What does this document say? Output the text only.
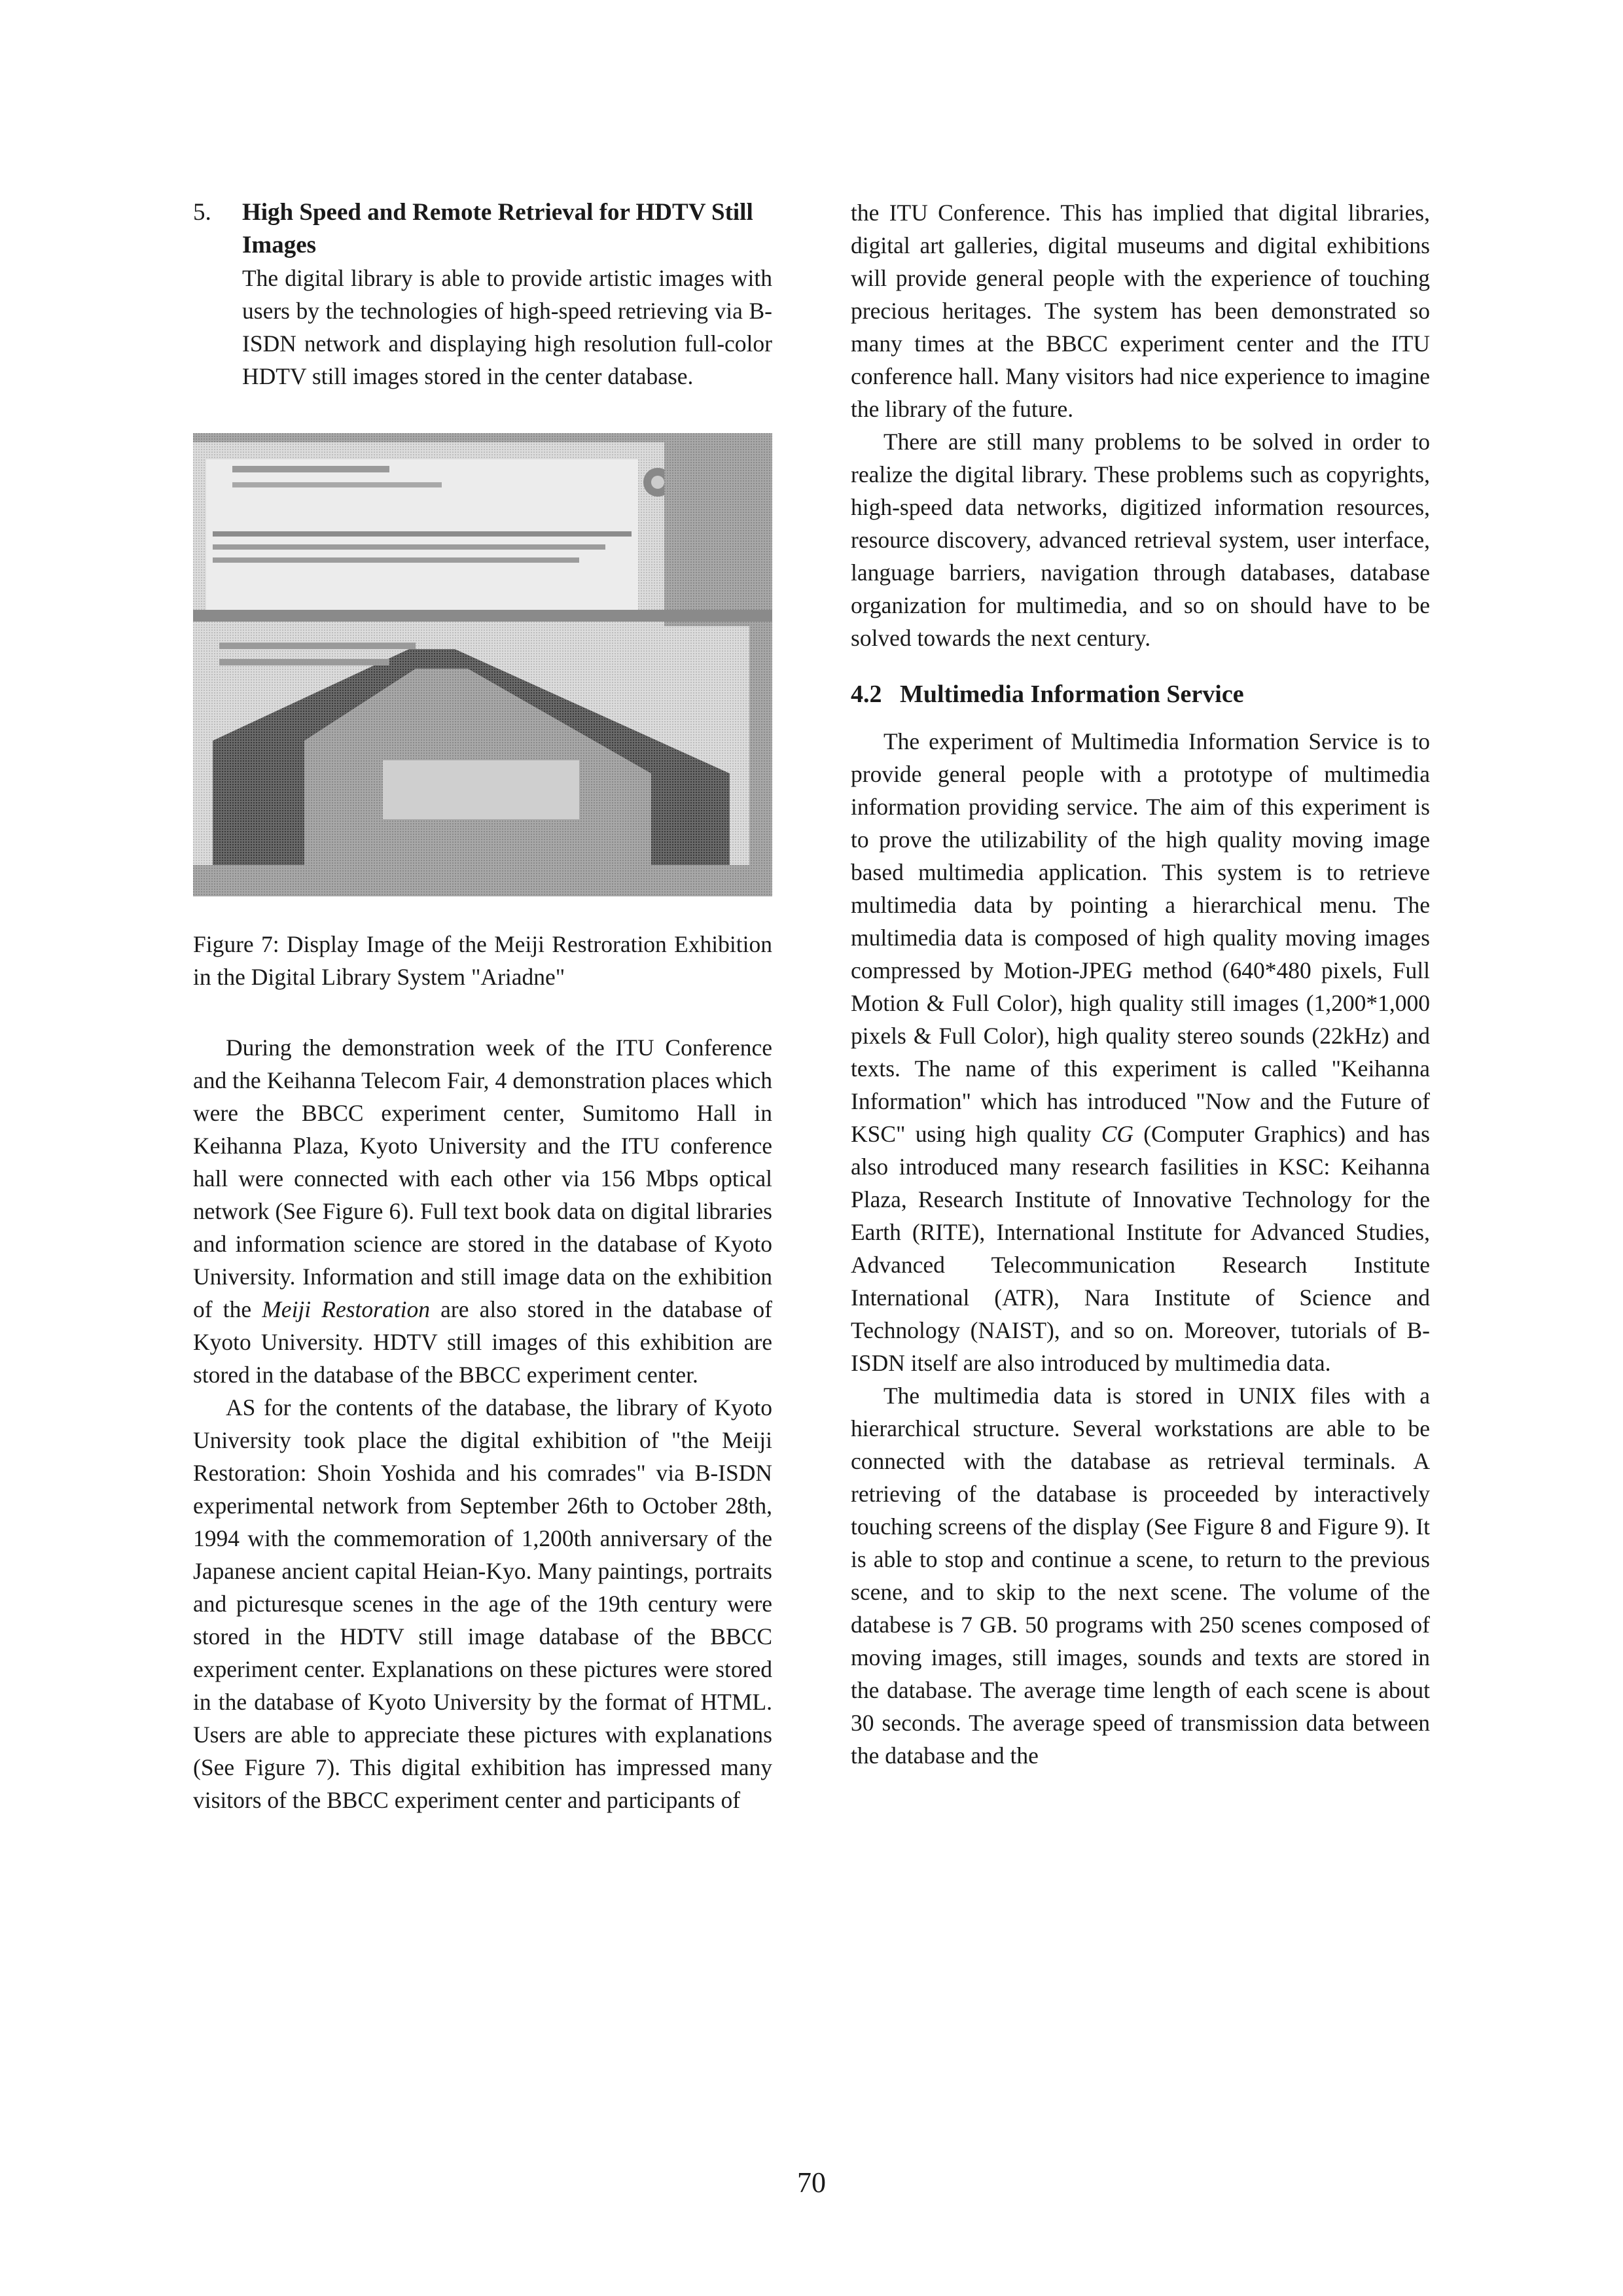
5.	High Speed and Remote Retrieval for HDTV Still Images

The digital library is able to provide artistic images with users by the technologies of high-speed retrieving via B-ISDN network and displaying high resolution full-color HDTV still images stored in the center database.

Figure 7: Display Image of the Meiji Restroration Exhibition in the Digital Library System "Ariadne"

During the demonstration week of the ITU Conference and the Keihanna Telecom Fair, 4 demonstration places which were the BBCC experiment center, Sumitomo Hall in Keihanna Plaza, Kyoto University and the ITU conference hall were connected with each other via 156 Mbps optical network (See Figure 6). Full text book data on digital libraries and information science are stored in the database of Kyoto University. Information and still image data on the exhibition of the Meiji Restoration are also stored in the database of Kyoto University. HDTV still images of this exhibition are stored in the database of the BBCC experiment center.

AS for the contents of the database, the library of Kyoto University took place the digital exhibition of "the Meiji Restoration: Shoin Yoshida and his comrades" via B-ISDN experimental network from September 26th to October 28th, 1994 with the commemoration of 1,200th anniversary of the Japanese ancient capital Heian-Kyo. Many paintings, portraits and picturesque scenes in the age of the 19th century were stored in the HDTV still image database of the BBCC experiment center. Explanations on these pictures were stored in the database of Kyoto University by the format of HTML. Users are able to appreciate these pictures with explanations (See Figure 7). This digital exhibition has impressed many visitors of the BBCC experiment center and participants of

the ITU Conference. This has implied that digital libraries, digital art galleries, digital museums and digital exhibitions will provide general people with the experience of touching precious heritages. The system has been demonstrated so many times at the BBCC experiment center and the ITU conference hall. Many visitors had nice experience to imagine the library of the future.

There are still many problems to be solved in order to realize the digital library. These problems such as copyrights, high-speed data networks, digitized information resources, resource discovery, advanced retrieval system, user interface, language barriers, navigation through databases, database organization for multimedia, and so on should have to be solved towards the next century.

4.2 Multimedia Information Service

The experiment of Multimedia Information Service is to provide general people with a prototype of multimedia information providing service. The aim of this experiment is to prove the utilizability of the high quality moving image based multimedia application. This system is to retrieve multimedia data by pointing a hierarchical menu. The multimedia data is composed of high quality moving images compressed by Motion-JPEG method (640*480 pixels, Full Motion & Full Color), high quality still images (1,200*1,000 pixels & Full Color), high quality stereo sounds (22kHz) and texts. The name of this experiment is called "Keihanna Information" which has introduced "Now and the Future of KSC" using high quality CG (Computer Graphics) and has also introduced many research fasilities in KSC: Keihanna Plaza, Research Institute of Innovative Technology for the Earth (RITE), International Institute for Advanced Studies, Advanced Telecommunication Research Institute International (ATR), Nara Institute of Science and Technology (NAIST), and so on. Moreover, tutorials of B-ISDN itself are also introduced by multimedia data.

The multimedia data is stored in UNIX files with a hierarchical structure. Several workstations are able to be connected with the database as retrieval terminals. A retrieving of the database is proceeded by interactively touching screens of the display (See Figure 8 and Figure 9). It is able to stop and continue a scene, to return to the previous scene, and to skip to the next scene. The volume of the databese is 7 GB. 50 programs with 250 scenes composed of moving images, still images, sounds and texts are stored in the database. The average time length of each scene is about 30 seconds. The average speed of transmission data between the database and the

70
